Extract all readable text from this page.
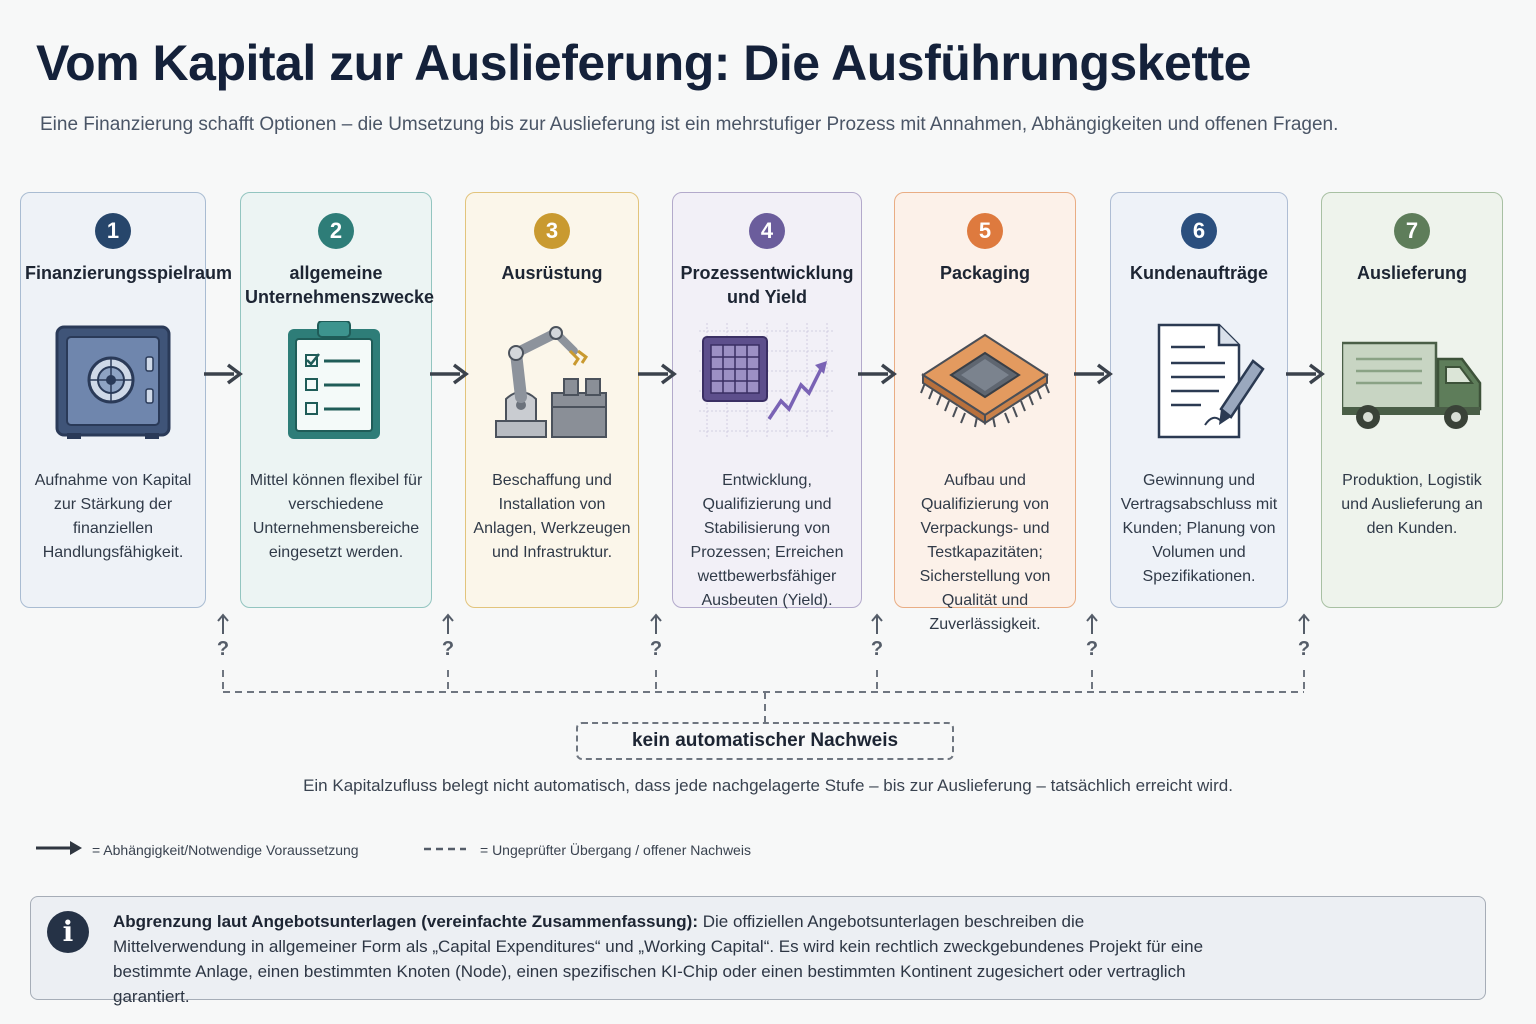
Vom Kapital zur Auslieferung: Die Ausführungskette
Eine Finanzierung schafft Optionen – die Umsetzung bis zur Auslieferung ist ein mehrstufiger Prozess mit Annahmen, Abhängigkeiten und offenen Fragen.
1
Finanzierungsspielraum
Aufnahme von Kapital zur Stärkung der finanziellen Handlungsfähigkeit.
2
allgemeine Unternehmenszwecke
Mittel können flexibel für verschiedene Unternehmensbereiche eingesetzt werden.
3
Ausrüstung
Beschaffung und Installation von Anlagen, Werkzeugen und Infrastruktur.
4
Prozessentwicklung und Yield
Entwicklung, Qualifizierung und Stabilisierung von Prozessen; Erreichen wettbewerbsfähiger Ausbeuten (Yield).
5
Packaging
Aufbau und Qualifizierung von Verpackungs- und Testkapazitäten; Sicherstellung von Qualität und Zuverlässigkeit.
6
Kundenaufträge
Gewinnung und Vertragsabschluss mit Kunden; Planung von Volumen und Spezifikationen.
7
Auslieferung
Produktion, Logistik und Auslieferung an den Kunden.
?	?	?	?	?	?
kein automatischer Nachweis
Ein Kapitalzufluss belegt nicht automatisch, dass jede nachgelagerte Stufe – bis zur Auslieferung – tatsächlich erreicht wird.
= Abhängigkeit/Notwendige Voraussetzung	= Ungeprüfter Übergang / offener Nachweis
i	Abgrenzung laut Angebotsunterlagen (vereinfachte Zusammenfassung): Die offiziellen Angebotsunterlagen beschreiben die Mittelverwendung in allgemeiner Form als „Capital Expenditures“ und „Working Capital“. Es wird kein rechtlich zweckgebundenes Projekt für eine bestimmte Anlage, einen bestimmten Knoten (Node), einen spezifischen KI-Chip oder einen bestimmten Kontinent zugesichert oder vertraglich garantiert.
